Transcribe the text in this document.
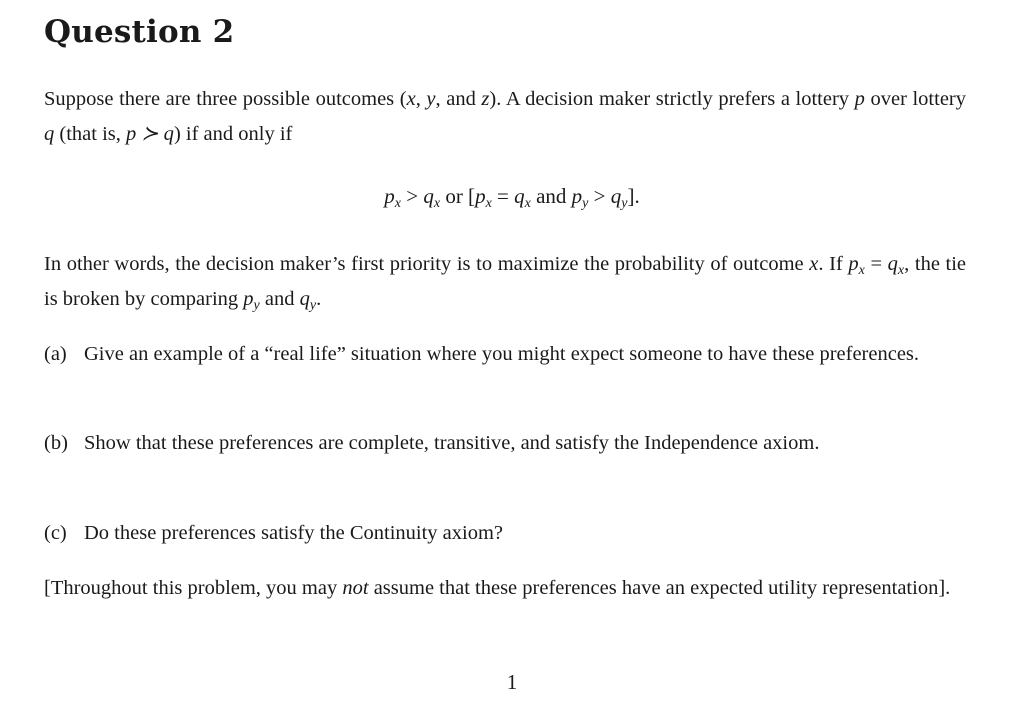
Question 2
Suppose there are three possible outcomes (x, y, and z). A decision maker strictly prefers a lottery p over lottery q (that is, p ≻ q) if and only if
$p_x > q_x$ or [$p_x = q_x$ and $p_y > q_y$].
In other words, the decision maker’s first priority is to maximize the probability of outcome x. If $p_x = q_x$, the tie is broken by comparing $p_y$ and $q_y$.
(a) Give an example of a “real life” situation where you might expect someone to have these preferences.
(b) Show that these preferences are complete, transitive, and satisfy the Independence axiom.
(c) Do these preferences satisfy the Continuity axiom?
[Throughout this problem, you may not assume that these preferences have an expected utility representation].
1
